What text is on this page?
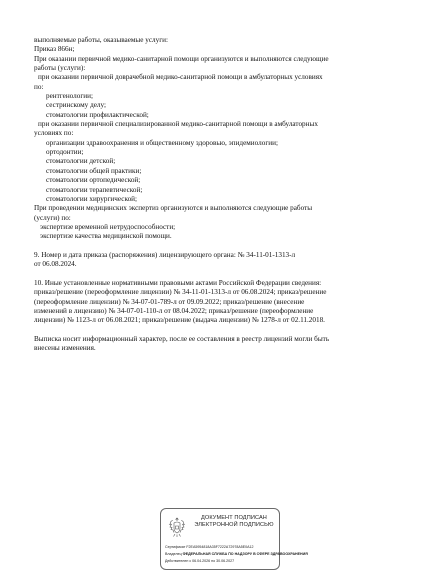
выполняемые работы, оказываемые услуги:
Приказ 866н;
При оказании первичной медико-санитарной помощи организуются и выполняются следующие
работы (услуги):
при оказании первичной доврачебной медико-санитарной помощи в амбулаторных условиях
по:
рентгенологии;
сестринскому делу;
стоматологии профилактической;
при оказании первичной специализированной медико-санитарной помощи в амбулаторных
условиях по:
организации здравоохранения и общественному здоровью, эпидемиологии;
ортодонтии;
стоматологии детской;
стоматологии общей практики;
стоматологии ортопедической;
стоматологии терапевтической;
стоматологии хирургической;
При проведении медицинских экспертиз организуются и выполняются следующие работы
(услуги) по:
экспертизе временной нетрудоспособности;
экспертизе качества медицинской помощи.
9. Номер и дата приказа (распоряжения) лицензирующего органа: № 34-11-01-1313-л
от 06.08.2024.
10. Иные установленные нормативными правовыми актами Российской Федерации сведения:
приказ/решение (переоформление лицензии) № 34-11-01-1313-л от 06.08.2024; приказ/решение
(переоформление лицензии) № 34-07-01-789-л от 09.09.2022; приказ/решение (внесение
изменений в лицензию) № 34-07-01-110-л от 08.04.2022; приказ/решение (переоформление
лицензии) № 1123-л от 06.08.2021; приказ/решение (выдача лицензии) № 1278-л от 02.11.2018.
Выписка носит информационный характер, после ее составления в реестр лицензий могли быть
внесены изменения.
ДОКУМЕНТ ПОДПИСАН
ЭЛЕКТРОННОЙ ПОДПИСЬЮ
Сертификат F2EA5954818A35F7222A72978A5E0A12
Владелец ФЕДЕРАЛЬНАЯ СЛУЖБА ПО НАДЗОРУ В СФЕРЕ ЗДРАВООХРАНЕНИЯ
Действителен с 06.04.2026 по 30.06.2027
